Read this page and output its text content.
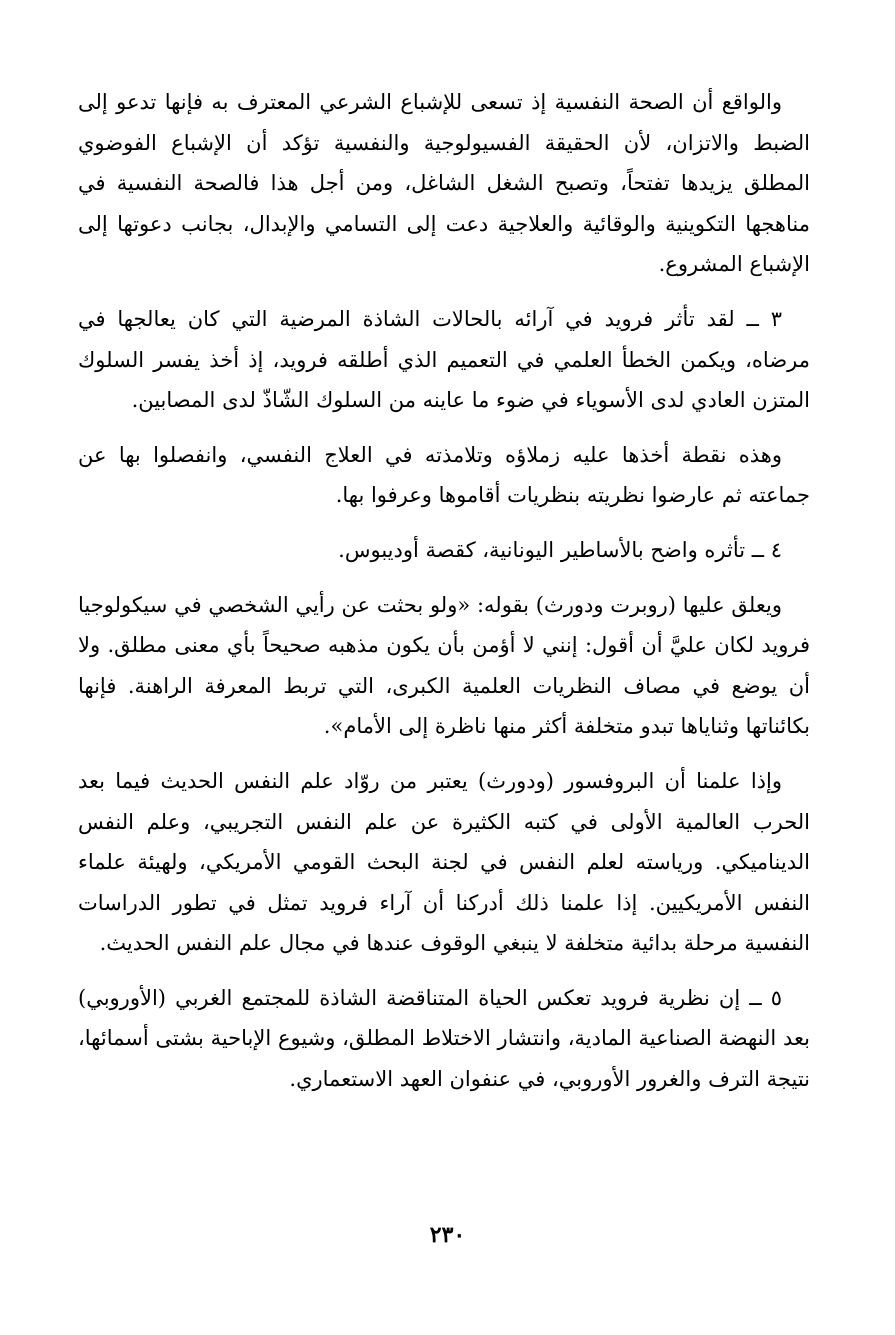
والواقع أن الصحة النفسية إذ تسعى للإشباع الشرعي المعترف به فإنها تدعو إلى الضبط والاتزان، لأن الحقيقة الفسيولوجية والنفسية تؤكد أن الإشباع الفوضوي المطلق يزيدها تفتحاً، وتصبح الشغل الشاغل، ومن أجل هذا فالصحة النفسية في مناهجها التكوينية والوقائية والعلاجية دعت إلى التسامي والإبدال، بجانب دعوتها إلى الإشباع المشروع.

٣ ــ لقد تأثر فرويد في آرائه بالحالات الشاذة المرضية التي كان يعالجها في مرضاه، ويكمن الخطأ العلمي في التعميم الذي أطلقه فرويد، إذ أخذ يفسر السلوك المتزن العادي لدى الأسوياء في ضوء ما عاينه من السلوك الشّاذّ لدى المصابين.

وهذه نقطة أخذها عليه زملاؤه وتلامذته في العلاج النفسي، وانفصلوا بها عن جماعته ثم عارضوا نظريته بنظريات أقاموها وعرفوا بها.

٤ ــ تأثره واضح بالأساطير اليونانية، كقصة أوديبوس.

ويعلق عليها (روبرت ودورث) بقوله: «ولو بحثت عن رأيي الشخصي في سيكولوجيا فرويد لكان عليَّ أن أقول: إنني لا أؤمن بأن يكون مذهبه صحيحاً بأي معنى مطلق. ولا أن يوضع في مصاف النظريات العلمية الكبرى، التي تربط المعرفة الراهنة. فإنها بكائناتها وثناياها تبدو متخلفة أكثر منها ناظرة إلى الأمام».

وإذا علمنا أن البروفسور (ودورث) يعتبر من روّاد علم النفس الحديث فيما بعد الحرب العالمية الأولى في كتبه الكثيرة عن علم النفس التجريبي، وعلم النفس الديناميكي. ورياسته لعلم النفس في لجنة البحث القومي الأمريكي، ولهيئة علماء النفس الأمريكيين. إذا علمنا ذلك أدركنا أن آراء فرويد تمثل في تطور الدراسات النفسية مرحلة بدائية متخلفة لا ينبغي الوقوف عندها في مجال علم النفس الحديث.

٥ ــ إن نظرية فرويد تعكس الحياة المتناقضة الشاذة للمجتمع الغربي (الأوروبي) بعد النهضة الصناعية المادية، وانتشار الاختلاط المطلق، وشيوع الإباحية بشتى أسمائها، نتيجة الترف والغرور الأوروبي، في عنفوان العهد الاستعماري.

٢٣٠
